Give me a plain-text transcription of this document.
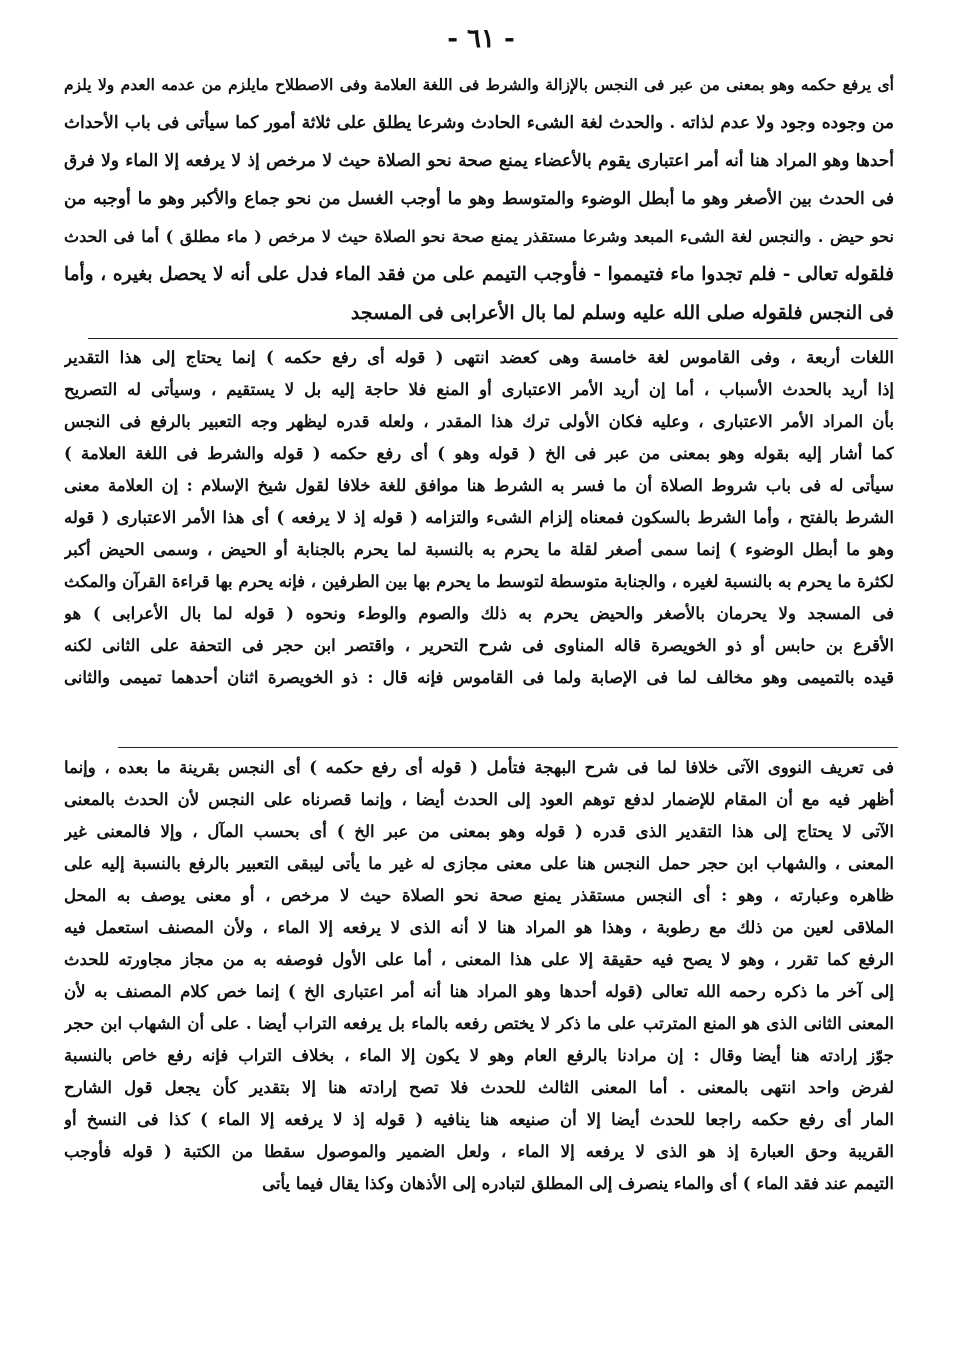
- ٦١ -
أى يرفع حكمه وهو بمعنى من عبر فى النجس بالإزالة والشرط فى اللغة العلامة وفى الاصطلاح مايلزم من عدمه العدم ولا يلزم
من وجوده وجود ولا عدم لذاته . والحدث لغة الشىء الحادث وشرعا يطلق على ثلاثة أمور كما سيأتى فى باب الأحداث
أحدها وهو المراد هنا أنه أمر اعتبارى يقوم بالأعضاء يمنع صحة نحو الصلاة حيث لا مرخص إذ لا يرفعه إلا الماء ولا فرق
فى الحدث بين الأصغر وهو ما أبطل الوضوء والمتوسط وهو ما أوجب الغسل من نحو جماع والأكبر وهو ما أوجبه من
نحو حيض . والنجس لغة الشىء المبعد وشرعا مستقذر يمنع صحة نحو الصلاة حيث لا مرخص ( ماء مطلق ) أما فى الحدث
فلقوله تعالى - فلم تجدوا ماء فتيمموا - فأوجب التيمم على من فقد الماء فدل على أنه لا يحصل بغيره ، وأما
فى النجس فلقوله صلى الله عليه وسلم لما بال الأعرابى فى المسجد
اللغات أربعة ، وفى القاموس لغة خامسة وهى كعضد انتهى ( قوله أى رفع حكمه ) إنما يحتاج إلى هذا التقدير
إذا أريد بالحدث الأسباب ، أما إن أريد الأمر الاعتبارى أو المنع فلا حاجة إليه بل لا يستقيم ، وسيأتى له التصريح
بأن المراد الأمر الاعتبارى ، وعليه فكان الأولى ترك هذا المقدر ، ولعله قدره ليظهر وجه التعبير بالرفع فى النجس
كما أشار إليه بقوله وهو بمعنى من عبر فى الخ ( قوله وهو ) أى رفع حكمه ( قوله والشرط فى اللغة العلامة )
سيأتى له فى باب شروط الصلاة أن ما فسر به الشرط هنا موافق للغة خلافا لقول شيخ الإسلام : إن العلامة معنى
الشرط بالفتح ، وأما الشرط بالسكون فمعناه إلزام الشىء والتزامه ( قوله إذ لا يرفعه ) أى هذا الأمر الاعتبارى ( قوله
وهو ما أبطل الوضوء ) إنما سمى أصغر لقلة ما يحرم به بالنسبة لما يحرم بالجنابة أو الحيض ، وسمى الحيض أكبر
لكثرة ما يحرم به بالنسبة لغيره ، والجنابة متوسطة لتوسط ما يحرم بها بين الطرفين ، فإنه يحرم بها قراءة القرآن والمكث
فى المسجد ولا يحرمان بالأصغر والحيض يحرم به ذلك والصوم والوطء ونحوه ( قوله لما بال الأعرابى ) هو
الأقرع بن حابس أو ذو الخويصرة قاله المناوى فى شرح التحرير ، واقتصر ابن حجر فى التحفة على الثانى لكنه
قيده بالتميمى وهو مخالف لما فى الإصابة ولما فى القاموس فإنه قال : ذو الخويصرة اثنان أحدهما تميمى والثانى
فى تعريف النووى الآتى خلافا لما فى شرح البهجة فتأمل ( قوله أى رفع حكمه ) أى النجس بقرينة ما بعده ، وإنما
أظهر فيه مع أن المقام للإضمار لدفع توهم العود إلى الحدث أيضا ، وإنما قصرناه على النجس لأن الحدث بالمعنى
الآتى لا يحتاج إلى هذا التقدير الذى قدره ( قوله وهو بمعنى من عبر الخ ) أى بحسب المآل ، وإلا فالمعنى غير
المعنى ، والشهاب ابن حجر حمل النجس هنا على معنى مجازى له غير ما يأتى ليبقى التعبير بالرفع بالنسبة إليه على
ظاهره وعبارته ، وهو : أى النجس مستقذر يمنع صحة نحو الصلاة حيث لا مرخص ، أو معنى يوصف به المحل
الملاقى لعين من ذلك مع رطوبة ، وهذا هو المراد هنا لا أنه الذى لا يرفعه إلا الماء ، ولأن المصنف استعمل فيه
الرفع كما تقرر ، وهو لا يصح فيه حقيقة إلا على هذا المعنى ، أما على الأول فوصفه به من مجاز مجاورته للحدث
إلى آخر ما ذكره رحمه الله تعالى (قوله أحدها وهو المراد هنا أنه أمر اعتبارى الخ ) إنما خص كلام المصنف به لأن
المعنى الثانى الذى هو المنع المترتب على ما ذكر لا يختص رفعه بالماء بل يرفعه التراب أيضا . على أن الشهاب ابن حجر
جوّز إرادته هنا أيضا وقال : إن مرادنا بالرفع العام وهو لا يكون إلا الماء ، بخلاف التراب فإنه رفع خاص بالنسبة
لفرض واحد انتهى بالمعنى . أما المعنى الثالث للحدث فلا تصح إرادته هنا إلا بتقدير كأن يجعل قول الشارح
المار أى رفع حكمه راجعا للحدث أيضا إلا أن صنيعه هنا ينافيه ( قوله إذ لا يرفعه إلا الماء ) كذا فى النسخ أو
القريبة وحق العبارة إذ هو الذى لا يرفعه إلا الماء ، ولعل الضمير والموصول سقطا من الكتبة ( قوله فأوجب
التيمم عند فقد الماء ) أى والماء ينصرف إلى المطلق لتبادره إلى الأذهان وكذا يقال فيما يأتى
